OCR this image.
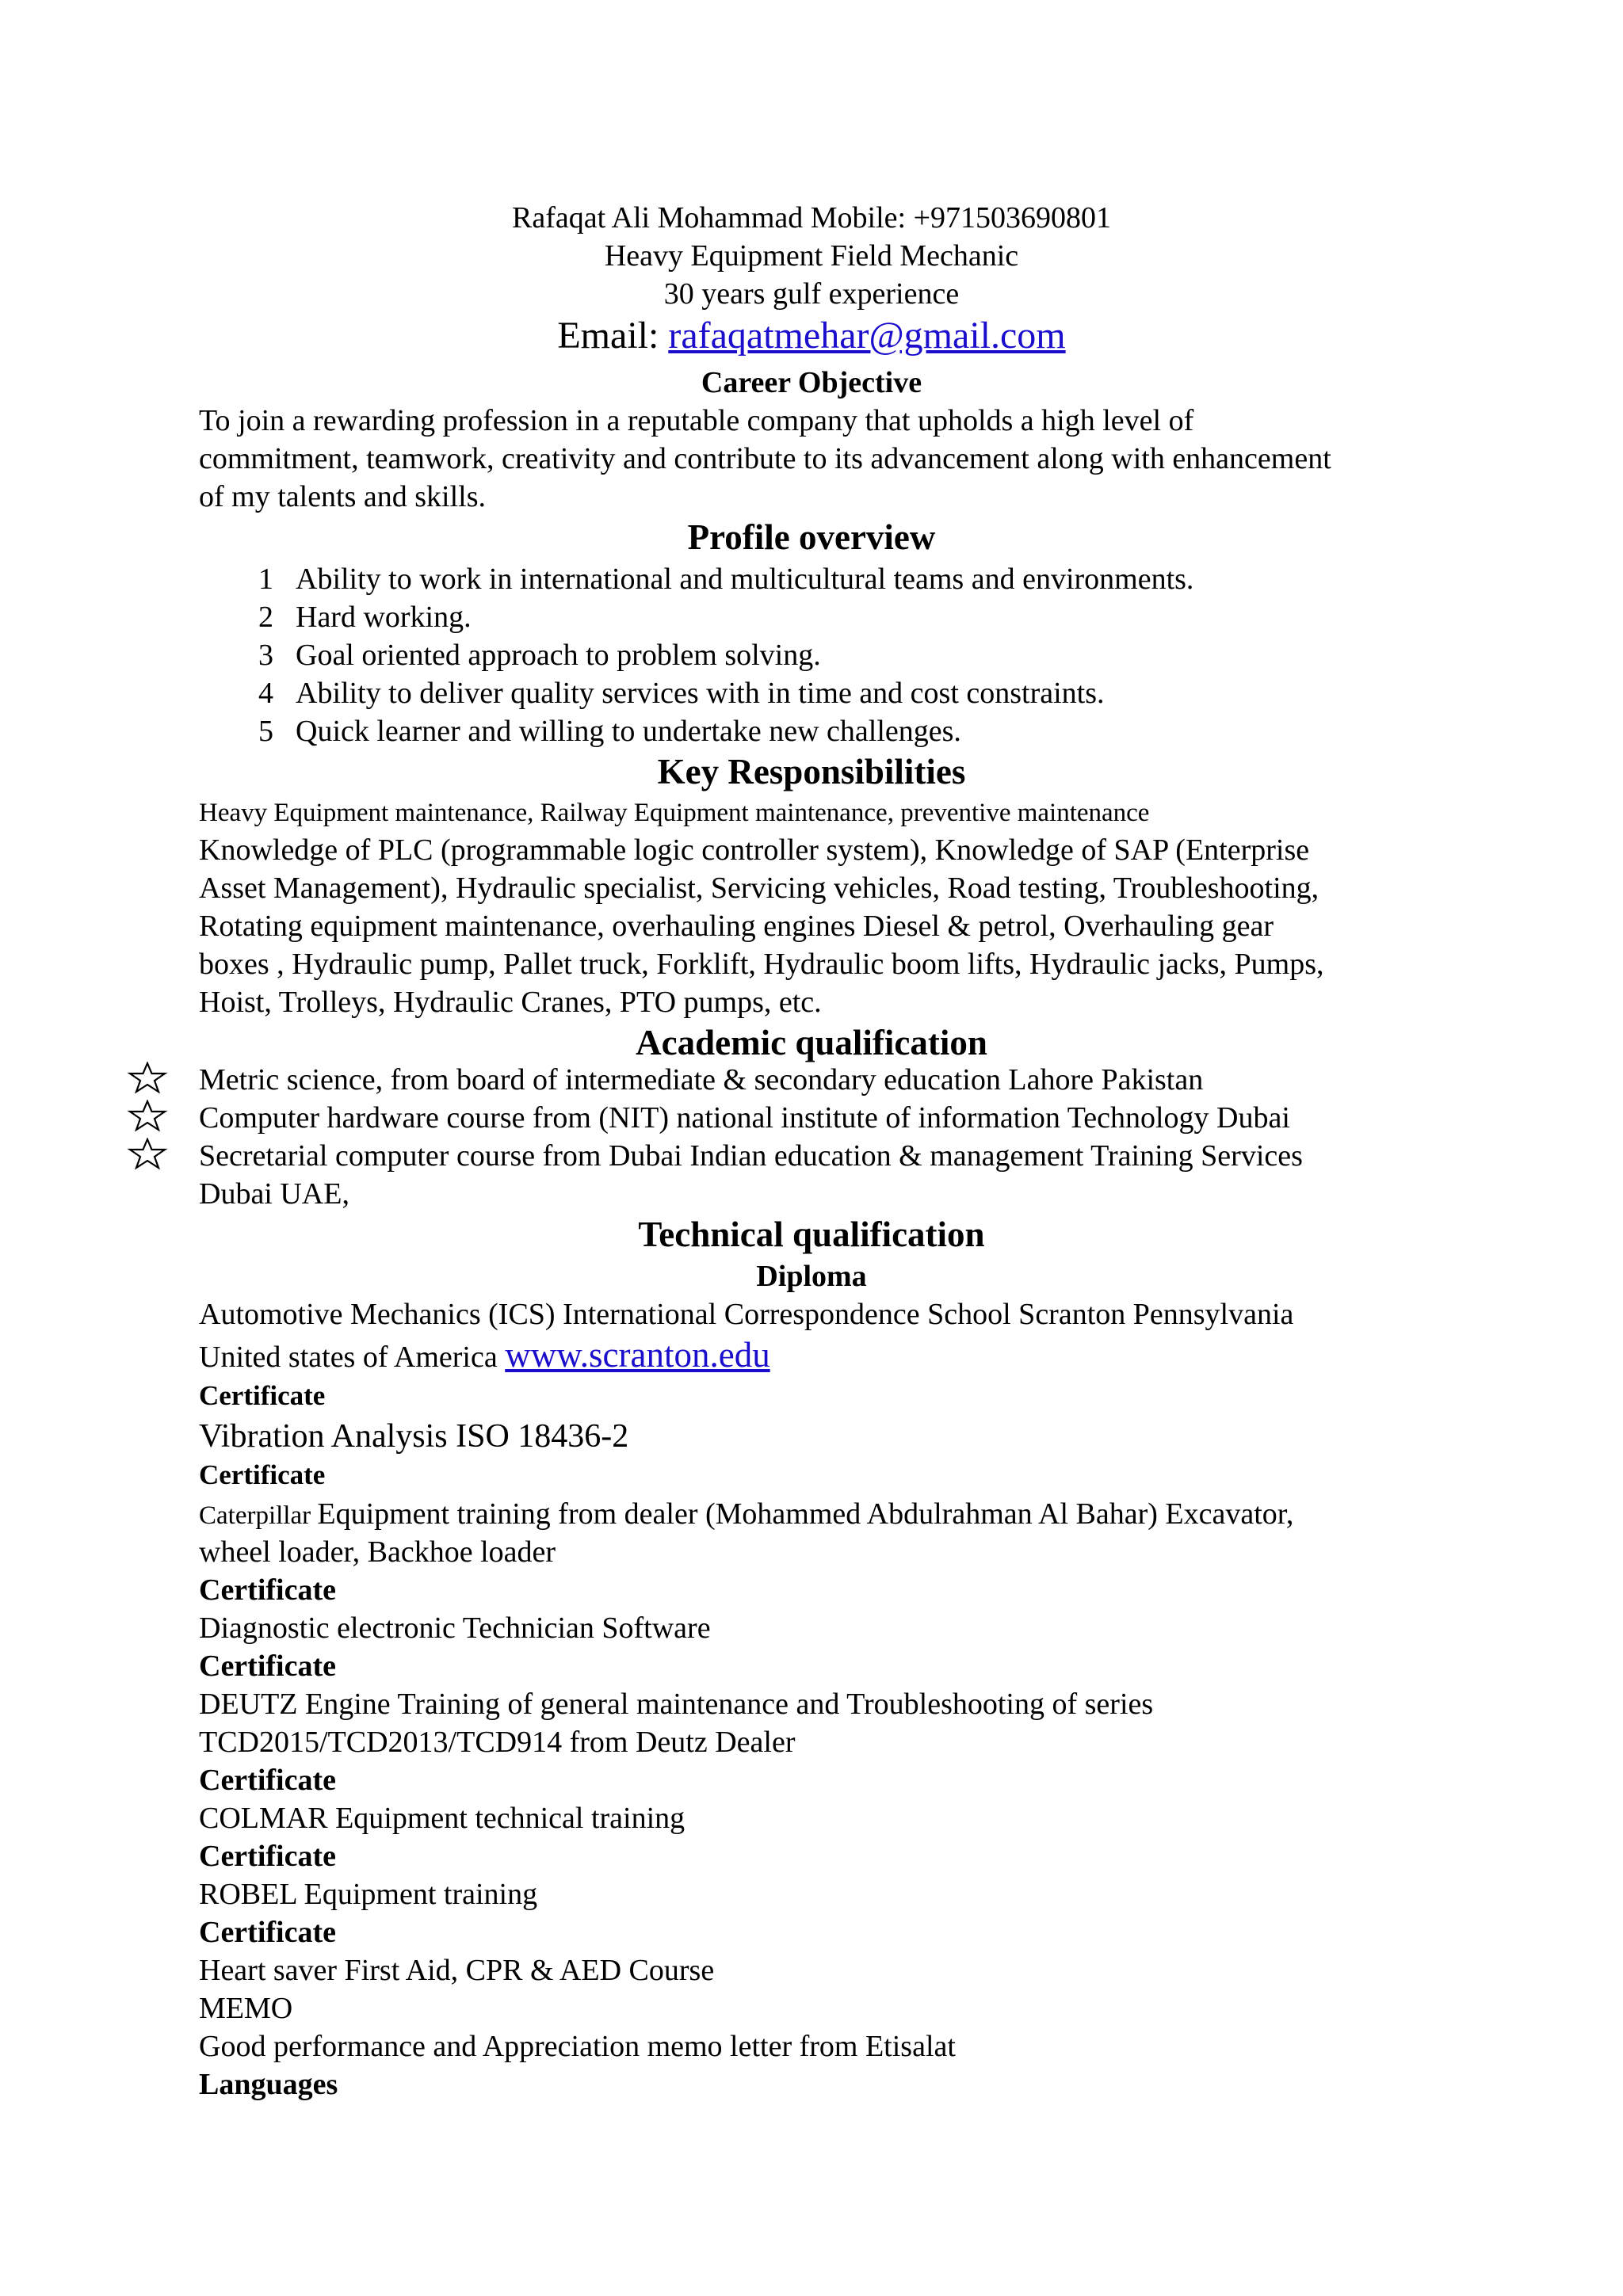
Rafaqat Ali Mohammad Mobile: +971503690801
Heavy Equipment Field Mechanic
30 years gulf experience
Email: rafaqatmehar@gmail.com
Career Objective
To join a rewarding profession in a reputable company that upholds a high level of
commitment, teamwork, creativity and contribute to its advancement along with enhancement
of my talents and skills.
Profile overview
1 Ability to work in international and multicultural teams and environments.
2 Hard working.
3 Goal oriented approach to problem solving.
4 Ability to deliver quality services with in time and cost constraints.
5 Quick learner and willing to undertake new challenges.
Key Responsibilities
Heavy Equipment maintenance, Railway Equipment maintenance, preventive maintenance
Knowledge of PLC (programmable logic controller system), Knowledge of SAP (Enterprise
Asset Management), Hydraulic specialist, Servicing vehicles, Road testing, Troubleshooting,
Rotating equipment maintenance, overhauling engines Diesel & petrol, Overhauling gear
boxes , Hydraulic pump, Pallet truck, Forklift, Hydraulic boom lifts, Hydraulic jacks, Pumps,
Hoist, Trolleys, Hydraulic Cranes, PTO pumps, etc.
Academic qualification
Metric science, from board of intermediate & secondary education Lahore Pakistan
Computer hardware course from (NIT) national institute of information Technology Dubai
Secretarial computer course from Dubai Indian education & management Training Services
Dubai UAE,
Technical qualification
Diploma
Automotive Mechanics (ICS) International Correspondence School Scranton Pennsylvania
United states of America www.scranton.edu
Certificate
Vibration Analysis ISO 18436-2
Certificate
Caterpillar Equipment training from dealer (Mohammed Abdulrahman Al Bahar) Excavator,
wheel loader, Backhoe loader
Certificate
Diagnostic electronic Technician Software
Certificate
DEUTZ Engine Training of general maintenance and Troubleshooting of series
TCD2015/TCD2013/TCD914 from Deutz Dealer
Certificate
COLMAR Equipment technical training
Certificate
ROBEL Equipment training
Certificate
Heart saver First Aid, CPR & AED Course
MEMO
Good performance and Appreciation memo letter from Etisalat
Languages
